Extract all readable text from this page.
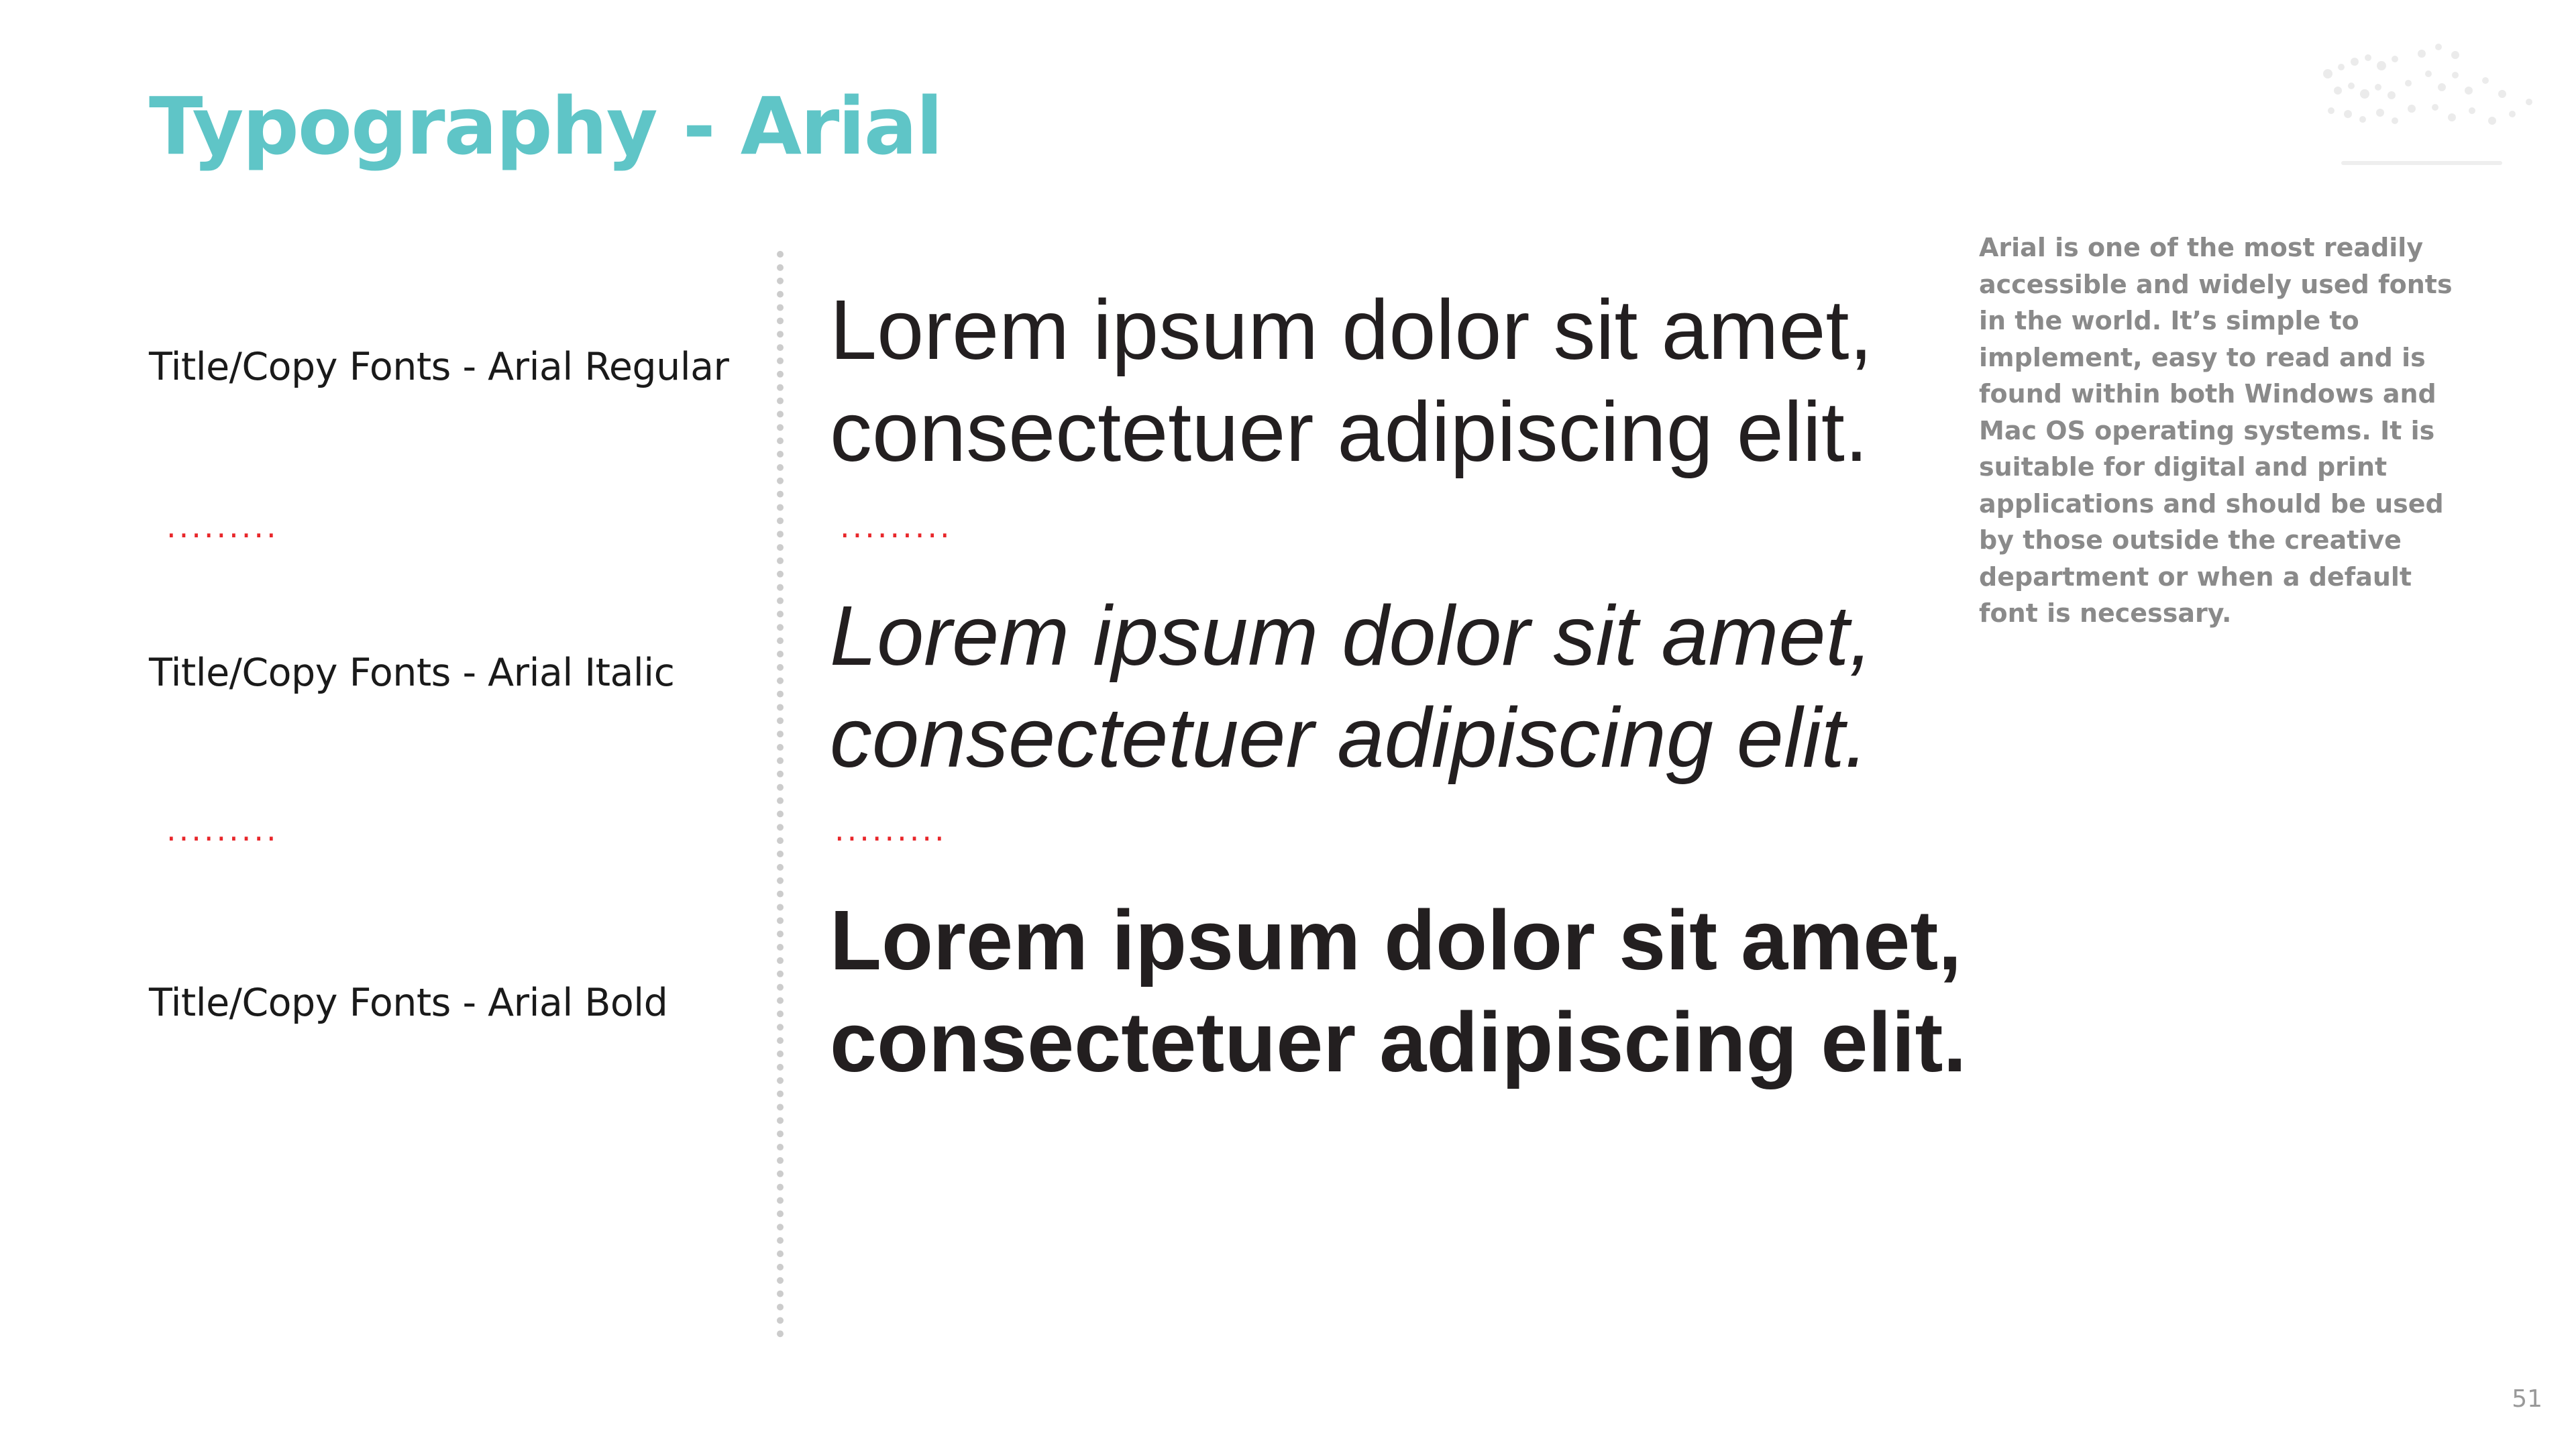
Typography - Arial
Title/Copy Fonts - Arial Regular
Title/Copy Fonts - Arial Italic
Title/Copy Fonts - Arial Bold
.........	.........
.........	.........

Lorem ipsum dolor sit amet,
consectetuer adipiscing elit.

Lorem ipsum dolor sit amet,
consectetuer adipiscing elit.

Lorem ipsum dolor sit amet,
consectetuer adipiscing elit.

Arial is one of the most readily accessible and widely used fonts in the world. It’s simple to implement, easy to read and is found within both Windows and Mac OS operating systems. It is suitable for digital and print applications and should be used by those outside the creative department or when a default font is necessary.

51
